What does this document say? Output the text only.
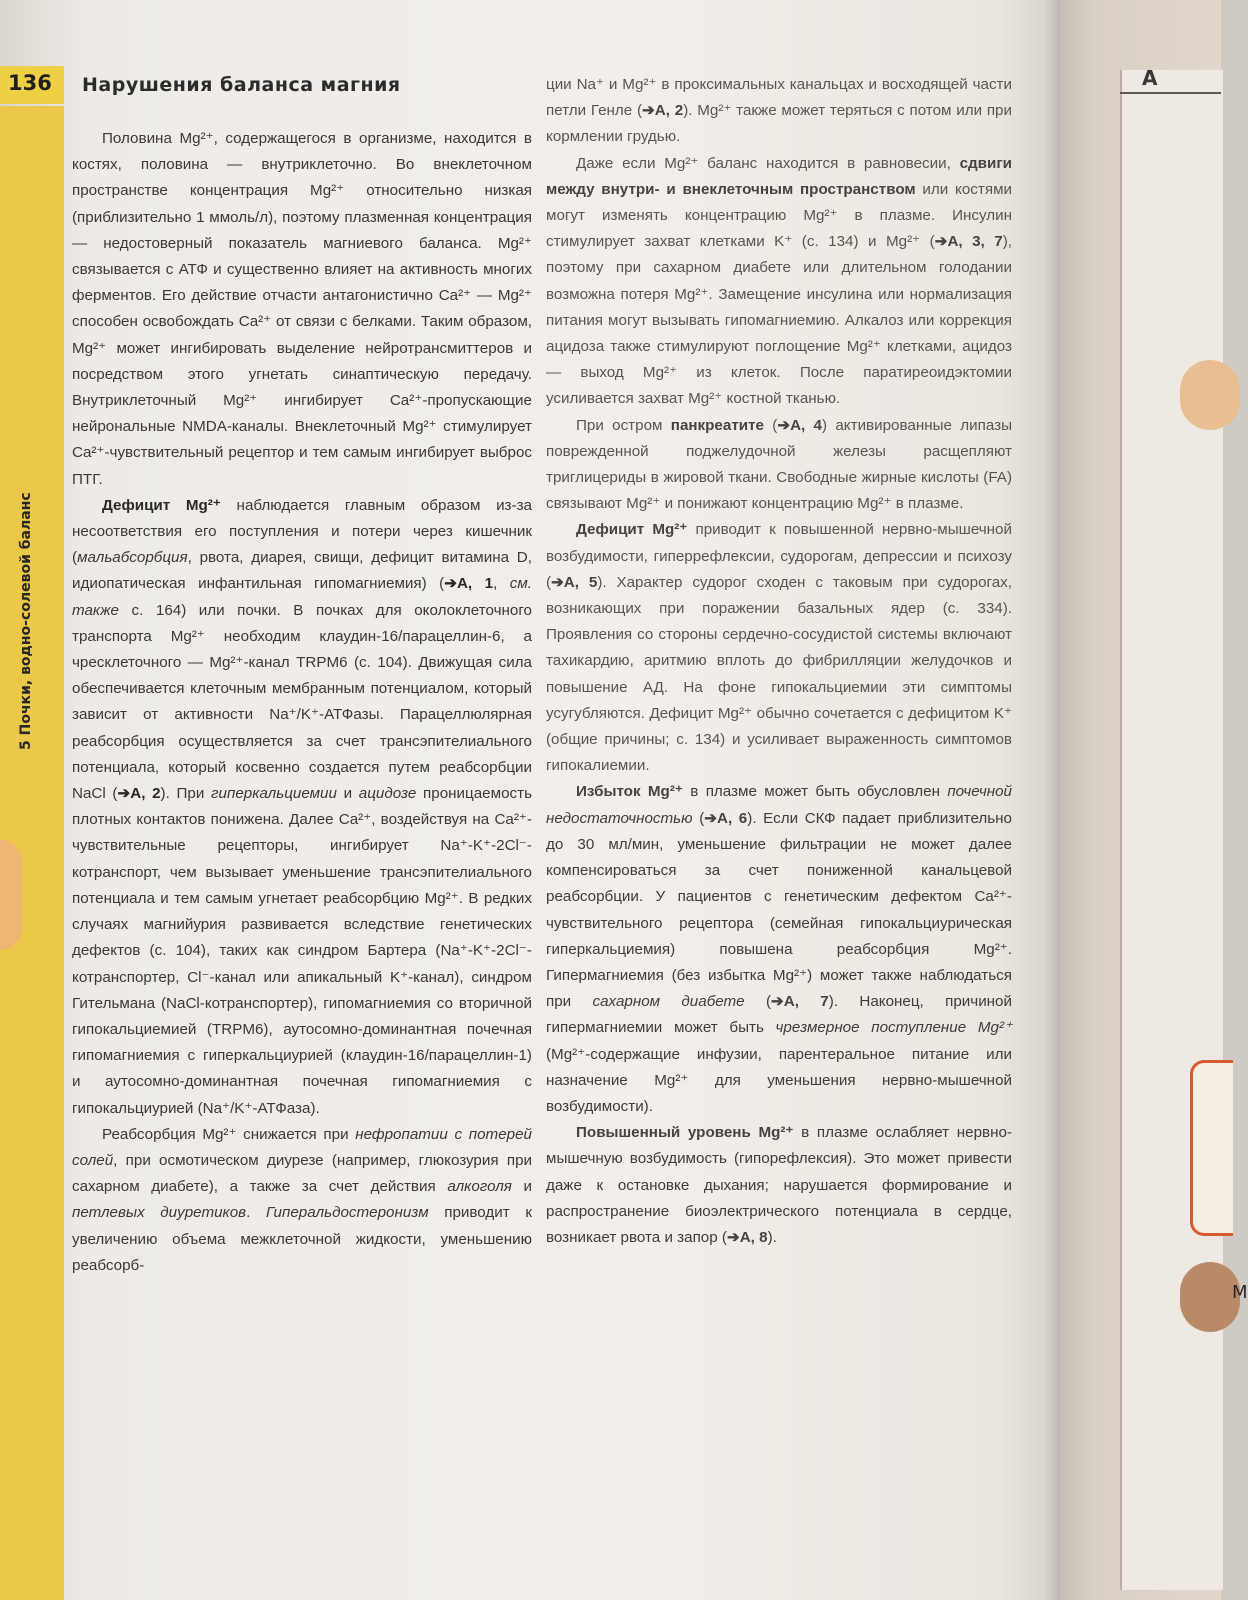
A
M
136 Нарушения баланса магния
5 Почки, водно-солевой баланс

Половина Mg²⁺, содержащегося в организме, находится в костях, половина — внутриклеточно. Во внеклеточном пространстве концентрация Mg²⁺ относительно низкая (приблизительно 1 ммоль/л), поэтому плазменная концентрация — недостоверный показатель магниевого баланса. Mg²⁺ связывается с АТФ и существенно влияет на активность многих ферментов. Его действие отчасти антагонистично Ca²⁺ — Mg²⁺ способен освобождать Ca²⁺ от связи с белками. Таким образом, Mg²⁺ может ингибировать выделение нейротрансмиттеров и посредством этого угнетать синаптическую передачу. Внутриклеточный Mg²⁺ ингибирует Ca²⁺-пропускающие нейрональные NMDA-каналы. Внеклеточный Mg²⁺ стимулирует Ca²⁺-чувствительный рецептор и тем самым ингибирует выброс ПТГ.

Дефицит Mg²⁺ наблюдается главным образом из-за несоответствия его поступления и потери через кишечник (мальабсорбция, рвота, диарея, свищи, дефицит витамина D, идиопатическая инфантильная гипомагниемия) (➔A, 1, см. также с. 164) или почки. В почках для околоклеточного транспорта Mg²⁺ необходим клаудин-16/парацеллин-6, а чресклеточного — Mg²⁺-канал TRPM6 (с. 104). Движущая сила обеспечивается клеточным мембранным потенциалом, который зависит от активности Na⁺/K⁺-АТФазы. Парацеллюлярная реабсорбция осуществляется за счет трансэпителиального потенциала, который косвенно создается путем реабсорбции NaCl (➔A, 2). При гиперкальциемии и ацидозе проницаемость плотных контактов понижена. Далее Ca²⁺, воздействуя на Ca²⁺-чувствительные рецепторы, ингибирует Na⁺-K⁺-2Cl⁻-котранспорт, чем вызывает уменьшение трансэпителиального потенциала и тем самым угнетает реабсорбцию Mg²⁺. В редких случаях магнийурия развивается вследствие генетических дефектов (с. 104), таких как синдром Бартера (Na⁺-K⁺-2Cl⁻-котранспортер, Cl⁻-канал или апикальный K⁺-канал), синдром Гительмана (NaCl-котранспортер), гипомагниемия со вторичной гипокальциемией (TRPM6), аутосомно-доминантная почечная гипомагниемия с гиперкальциурией (клаудин-16/парацеллин-1) и аутосомно-доминантная почечная гипомагниемия с гипокальциурией (Na⁺/K⁺-АТФаза).

Реабсорбция Mg²⁺ снижается при нефропатии с потерей солей, при осмотическом диурезе (например, глюкозурия при сахарном диабете), а также за счет действия алкоголя и петлевых диуретиков. Гиперальдостеронизм приводит к увеличению объема межклеточной жидкости, уменьшению реабсорб-

ции Na⁺ и Mg²⁺ в проксимальных канальцах и восходящей части петли Генле (➔A, 2). Mg²⁺ также может теряться с потом или при кормлении грудью.

Даже если Mg²⁺ баланс находится в равновесии, сдвиги между внутри- и внеклеточным пространством или костями могут изменять концентрацию Mg²⁺ в плазме. Инсулин стимулирует захват клетками K⁺ (с. 134) и Mg²⁺ (➔A, 3, 7), поэтому при сахарном диабете или длительном голодании возможна потеря Mg²⁺. Замещение инсулина или нормализация питания могут вызывать гипомагниемию. Алкалоз или коррекция ацидоза также стимулируют поглощение Mg²⁺ клетками, ацидоз — выход Mg²⁺ из клеток. После паратиреоидэктомии усиливается захват Mg²⁺ костной тканью.

При остром панкреатите (➔A, 4) активированные липазы поврежденной поджелудочной железы расщепляют триглицериды в жировой ткани. Свободные жирные кислоты (FA) связывают Mg²⁺ и понижают концентрацию Mg²⁺ в плазме.

Дефицит Mg²⁺ приводит к повышенной нервно-мышечной возбудимости, гиперрефлексии, судорогам, депрессии и психозу (➔A, 5). Характер судорог сходен с таковым при судорогах, возникающих при поражении базальных ядер (с. 334). Проявления со стороны сердечно-сосудистой системы включают тахикардию, аритмию вплоть до фибрилляции желудочков и повышение АД. На фоне гипокальциемии эти симптомы усугубляются. Дефицит Mg²⁺ обычно сочетается с дефицитом K⁺ (общие причины; с. 134) и усиливает выраженность симптомов гипокалиемии.

Избыток Mg²⁺ в плазме может быть обусловлен почечной недостаточностью (➔A, 6). Если СКФ падает приблизительно до 30 мл/мин, уменьшение фильтрации не может далее компенсироваться за счет пониженной канальцевой реабсорбции. У пациентов с генетическим дефектом Ca²⁺-чувствительного рецептора (семейная гипокальциурическая гиперкальциемия) повышена реабсорбция Mg²⁺. Гипермагниемия (без избытка Mg²⁺) может также наблюдаться при сахарном диабете (➔A, 7). Наконец, причиной гипермагниемии может быть чрезмерное поступление Mg²⁺ (Mg²⁺-содержащие инфузии, парентеральное питание или назначение Mg²⁺ для уменьшения нервно-мышечной возбудимости).

Повышенный уровень Mg²⁺ в плазме ослабляет нервно-мышечную возбудимость (гипорефлексия). Это может привести даже к остановке дыхания; нарушается формирование и распространение биоэлектрического потенциала в сердце, возникает рвота и запор (➔A, 8).
